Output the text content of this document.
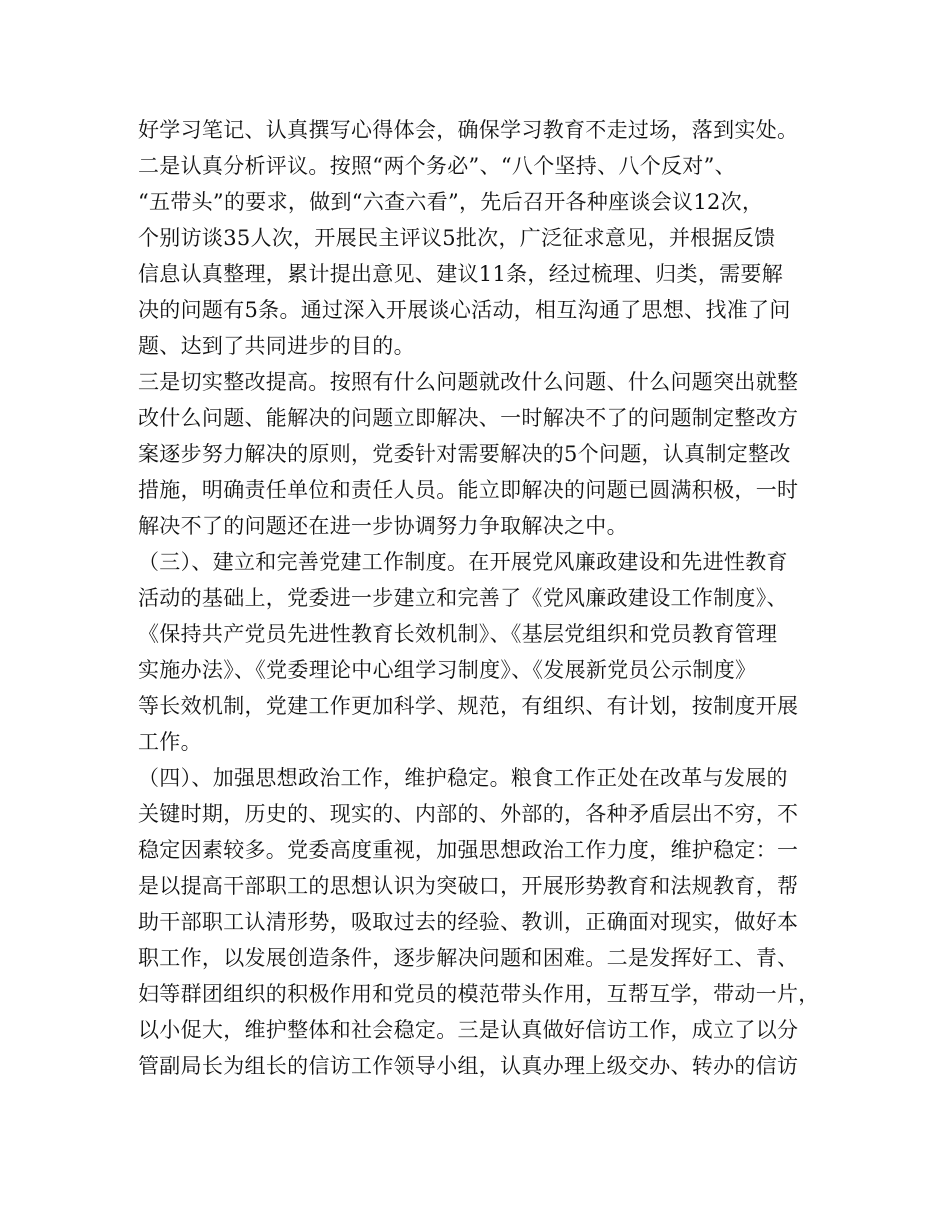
好学习笔记、认真撰写心得体会，确保学习教育不走过场，落到实处。
二是认真分析评议。按照“两个务必”、“八个坚持、八个反对”、
“五带头”的要求，做到“六查六看”，先后召开各种座谈会议12次，
个别访谈35人次，开展民主评议5批次，广泛征求意见，并根据反馈
信息认真整理，累计提出意见、建议11条，经过梳理、归类，需要解
决的问题有5条。通过深入开展谈心活动，相互沟通了思想、找准了问
题、达到了共同进步的目的。
三是切实整改提高。按照有什么问题就改什么问题、什么问题突出就整
改什么问题、能解决的问题立即解决、一时解决不了的问题制定整改方
案逐步努力解决的原则，党委针对需要解决的5个问题，认真制定整改
措施，明确责任单位和责任人员。能立即解决的问题已圆满积极，一时
解决不了的问题还在进一步协调努力争取解决之中。
（三）、建立和完善党建工作制度。在开展党风廉政建设和先进性教育
活动的基础上，党委进一步建立和完善了《党风廉政建设工作制度》、
《保持共产党员先进性教育长效机制》、《基层党组织和党员教育管理
实施办法》、《党委理论中心组学习制度》、《发展新党员公示制度》
等长效机制，党建工作更加科学、规范，有组织、有计划，按制度开展
工作。
（四）、加强思想政治工作，维护稳定。粮食工作正处在改革与发展的
关键时期，历史的、现实的、内部的、外部的，各种矛盾层出不穷，不
稳定因素较多。党委高度重视，加强思想政治工作力度，维护稳定：一
是以提高干部职工的思想认识为突破口，开展形势教育和法规教育，帮
助干部职工认清形势，吸取过去的经验、教训，正确面对现实，做好本
职工作，以发展创造条件，逐步解决问题和困难。二是发挥好工、青、
妇等群团组织的积极作用和党员的模范带头作用，互帮互学，带动一片，
以小促大，维护整体和社会稳定。三是认真做好信访工作，成立了以分
管副局长为组长的信访工作领导小组，认真办理上级交办、转办的信访
